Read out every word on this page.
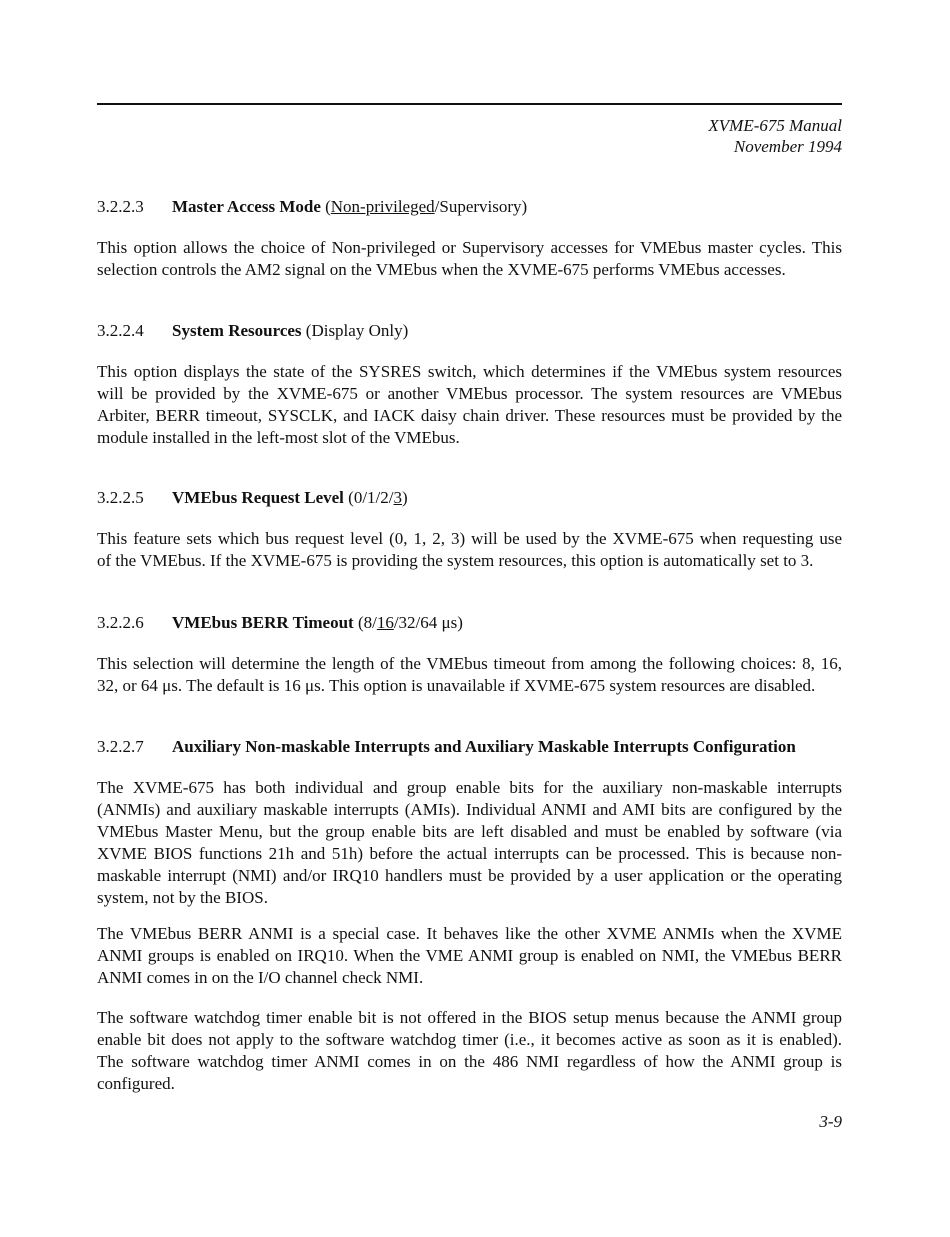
XVME-675 Manual
November 1994
3.2.2.3 Master Access Mode (Non-privileged/Supervisory)
This option allows the choice of Non-privileged or Supervisory accesses for VMEbus master cycles. This
selection controls the AM2 signal on the VMEbus when the XVME-675 performs VMEbus accesses.
3.2.2.4 System Resources (Display Only)
This option displays the state of the SYSRES switch, which determines if the VMEbus system resources
will be provided by the XVME-675 or another VMEbus processor. The system resources are VMEbus
Arbiter, BERR timeout, SYSCLK, and IACK daisy chain driver. These resources must be provided by the
module installed in the left-most slot of the VMEbus.
3.2.2.5 VMEbus Request Level (0/1/2/3)
This feature sets which bus request level (0, 1, 2, 3) will be used by the XVME-675 when requesting use
of the VMEbus. If the XVME-675 is providing the system resources, this option is automatically set to 3.
3.2.2.6 VMEbus BERR Timeout (8/16/32/64 μs)
This selection will determine the length of the VMEbus timeout from among the following choices: 8, 16,
32, or 64 μs. The default is 16 μs. This option is unavailable if XVME-675 system resources are disabled.
3.2.2.7 Auxiliary Non-maskable Interrupts and Auxiliary Maskable Interrupts Configuration
The XVME-675 has both individual and group enable bits for the auxiliary non-maskable interrupts
(ANMIs) and auxiliary maskable interrupts (AMIs). Individual ANMI and AMI bits are configured by the
VMEbus Master Menu, but the group enable bits are left disabled and must be enabled by software (via
XVME BIOS functions 21h and 51h) before the actual interrupts can be processed. This is because non-
maskable interrupt (NMI) and/or IRQ10 handlers must be provided by a user application or the operating
system, not by the BIOS.
The VMEbus BERR ANMI is a special case. It behaves like the other XVME ANMIs when the XVME
ANMI groups is enabled on IRQ10. When the VME ANMI group is enabled on NMI, the VMEbus BERR
ANMI comes in on the I/O channel check NMI.
The software watchdog timer enable bit is not offered in the BIOS setup menus because the ANMI group
enable bit does not apply to the software watchdog timer (i.e., it becomes active as soon as it is enabled).
The software watchdog timer ANMI comes in on the 486 NMI regardless of how the ANMI group is
configured.
3-9
